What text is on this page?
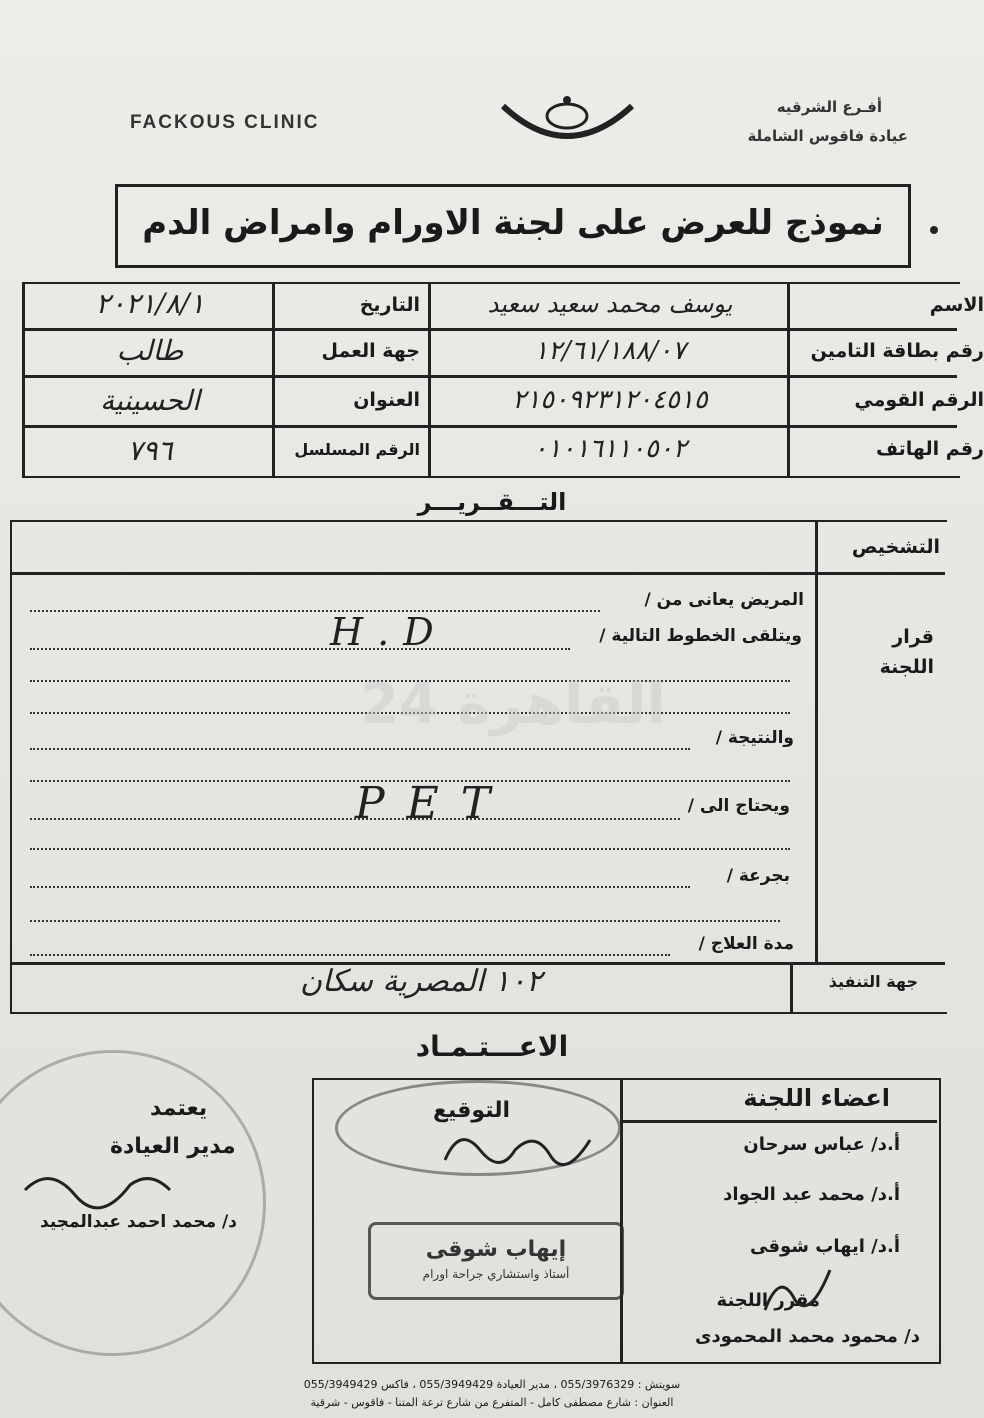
FACKOUS CLINIC
أفـرع الشرقيه
عيادة فاقوس الشاملة
نموذج للعرض على لجنة الاورام وامراض الدم
الاسم
يوسف محمد سعيد سعيد
التاريخ
٢٠٢١/٨/١
رقم بطاقة التامين
١٢/٦١/١٨٨/٠٧
جهة العمل
طالب
الرقم القومي
٢١٥٠٩٢٣١٢٠٤٥١٥
العنوان
الحسينية
رقم الهاتف
٠١٠١٦١١٠٥٠٢
الرقم المسلسل
٧٩٦
التـــقــريـــر
التشخيص
قرار اللجنة
المريض يعانى من /
ويتلقى الخطوط التالية /
H.D
والنتيجة /
ويحتاج الى /
PET
بجرعة /
مدة العلاج /
جهة التنفيذ
١٠٢ المصرية سكان
القاهرة 24
الاعـــتـمـاد
اعضاء اللجنة
أ.د/ عباس سرحان
أ.د/ محمد عبد الجواد
أ.د/ ايهاب شوقى
مقرر اللجنة
د/ محمود محمد المحمودى
التوقيع
إيهاب شوقى
أستاذ واستشاري جراحة اورام
يعتمد
مدير العيادة
د/ محمد احمد عبدالمجيد
سويتش : 055/3976329 ، مدير العيادة 055/3949429 ، فاكس 055/3949429
العنوان : شارع مصطفى كامل - المتفرع من شارع ترعة المتنا - فاقوس - شرقية
